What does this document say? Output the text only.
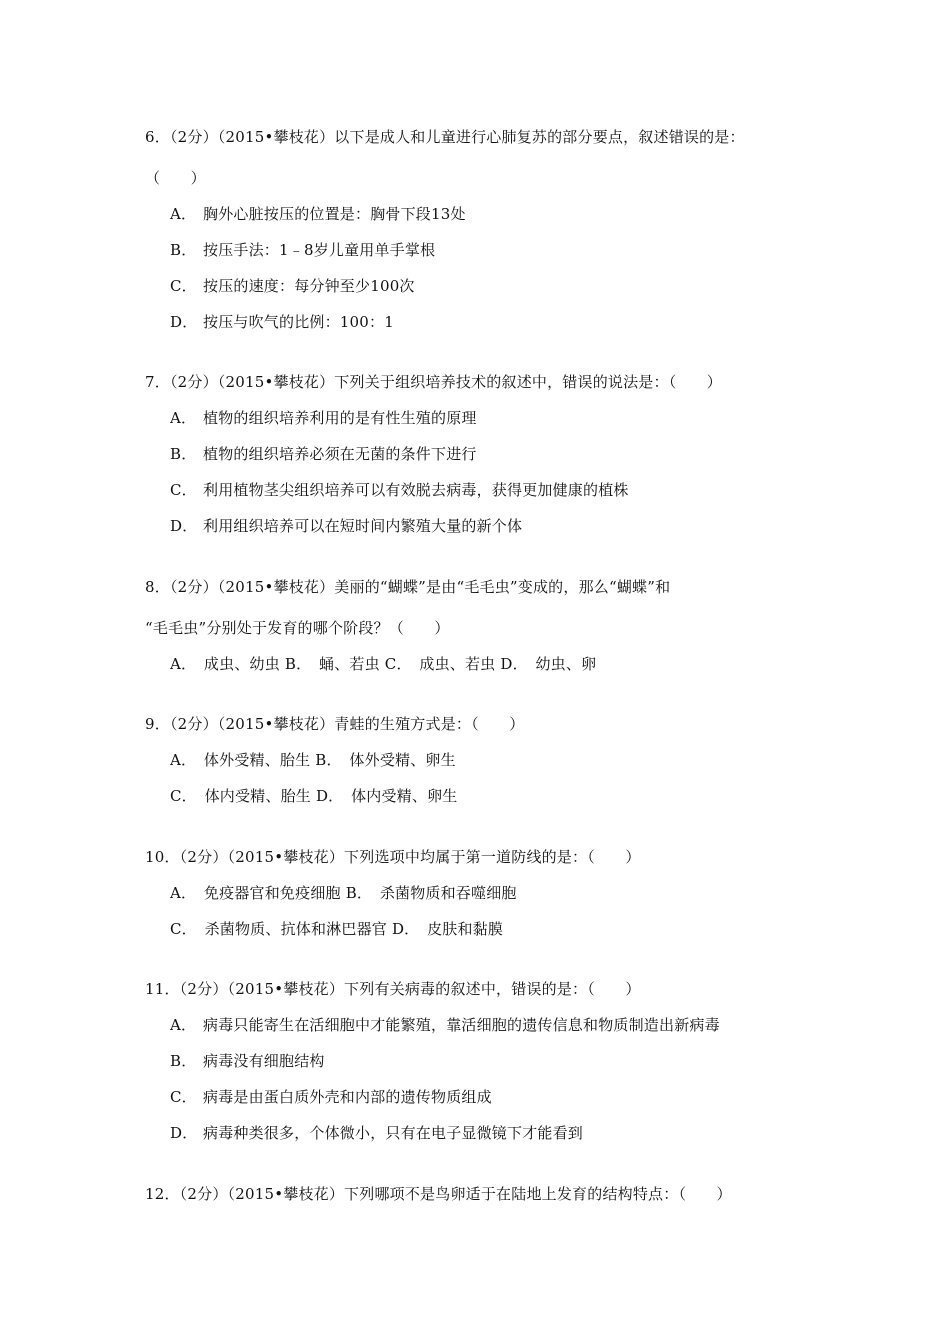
6．（2分）（2015•攀枝花）以下是成人和儿童进行心肺复苏的部分要点，叙述错误的是：
（　　）
A． 胸外心脏按压的位置是：胸骨下段13处
B． 按压手法：1﹣8岁儿童用单手掌根
C． 按压的速度：每分钟至少100次
D． 按压与吹气的比例：100：1
7．（2分）（2015•攀枝花）下列关于组织培养技术的叙述中，错误的说法是：（　　）
A． 植物的组织培养利用的是有性生殖的原理
B． 植物的组织培养必须在无菌的条件下进行
C． 利用植物茎尖组织培养可以有效脱去病毒，获得更加健康的植株
D． 利用组织培养可以在短时间内繁殖大量的新个体
8．（2分）（2015•攀枝花）美丽的“蝴蝶”是由“毛毛虫”变成的，那么“蝴蝶”和
“毛毛虫”分别处于发育的哪个阶段？（　　）
A．　成虫、幼虫 B．　蛹、若虫 C．　成虫、若虫 D．　幼虫、卵
9．（2分）（2015•攀枝花）青蛙的生殖方式是：（　　）
A．　体外受精、胎生 B．　体外受精、卵生
C．　体内受精、胎生 D．　体内受精、卵生
10．（2分）（2015•攀枝花）下列选项中均属于第一道防线的是：（　　）
A．　免疫器官和免疫细胞 B．　杀菌物质和吞噬细胞
C．　杀菌物质、抗体和淋巴器官 D．　皮肤和黏膜
11．（2分）（2015•攀枝花）下列有关病毒的叙述中，错误的是：（　　）
A． 病毒只能寄生在活细胞中才能繁殖，靠活细胞的遗传信息和物质制造出新病毒
B． 病毒没有细胞结构
C． 病毒是由蛋白质外壳和内部的遗传物质组成
D． 病毒种类很多，个体微小，只有在电子显微镜下才能看到
12．（2分）（2015•攀枝花）下列哪项不是鸟卵适于在陆地上发育的结构特点：（　　）
